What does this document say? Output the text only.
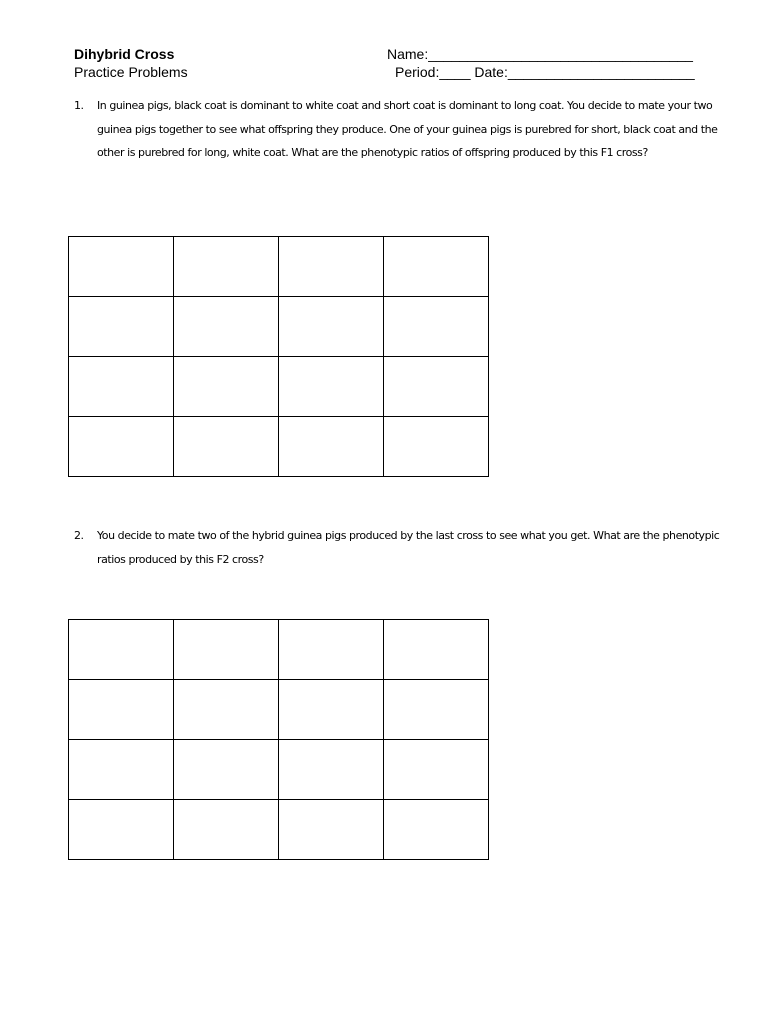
Dihybrid Cross
Practice Problems
Name:__________________________________
Period:____ Date:________________________
1. In guinea pigs, black coat is dominant to white coat and short coat is dominant to long coat. You decide to mate your two guinea pigs together to see what offspring they produce. One of your guinea pigs is purebred for short, black coat and the other is purebred for long, white coat. What are the phenotypic ratios of offspring produced by this F1 cross?

2. You decide to mate two of the hybrid guinea pigs produced by the last cross to see what you get. What are the phenotypic ratios produced by this F2 cross?
